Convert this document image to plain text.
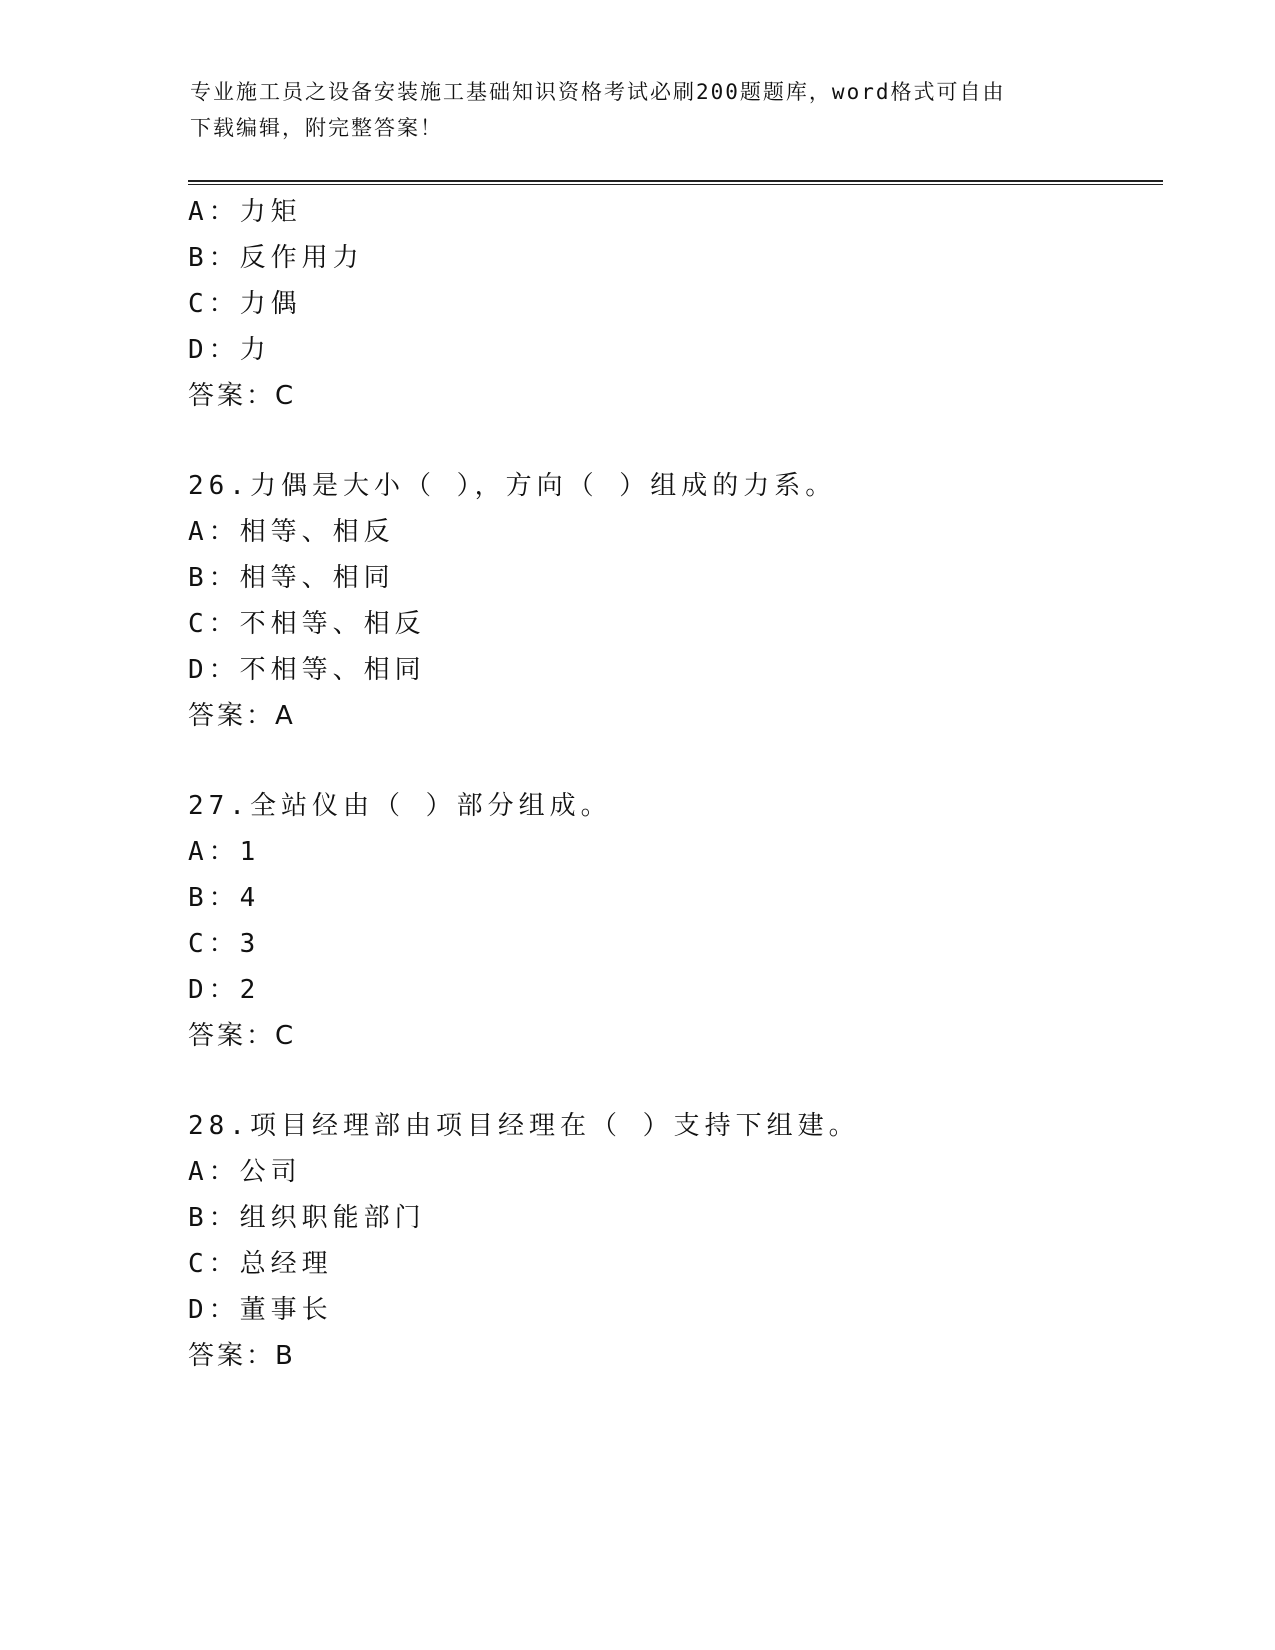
专业施工员之设备安装施工基础知识资格考试必刷200题题库，word格式可自由
下载编辑，附完整答案！
A：力矩
B：反作用力
C：力偶
D：力
答案：C
26.力偶是大小（ ），方向（ ）组成的力系。
A：相等、相反
B：相等、相同
C：不相等、相反
D：不相等、相同
答案：A
27.全站仪由（ ）部分组成。
A：1
B：4
C：3
D：2
答案：C
28.项目经理部由项目经理在（ ）支持下组建。
A：公司
B：组织职能部门
C：总经理
D：董事长
答案：B
